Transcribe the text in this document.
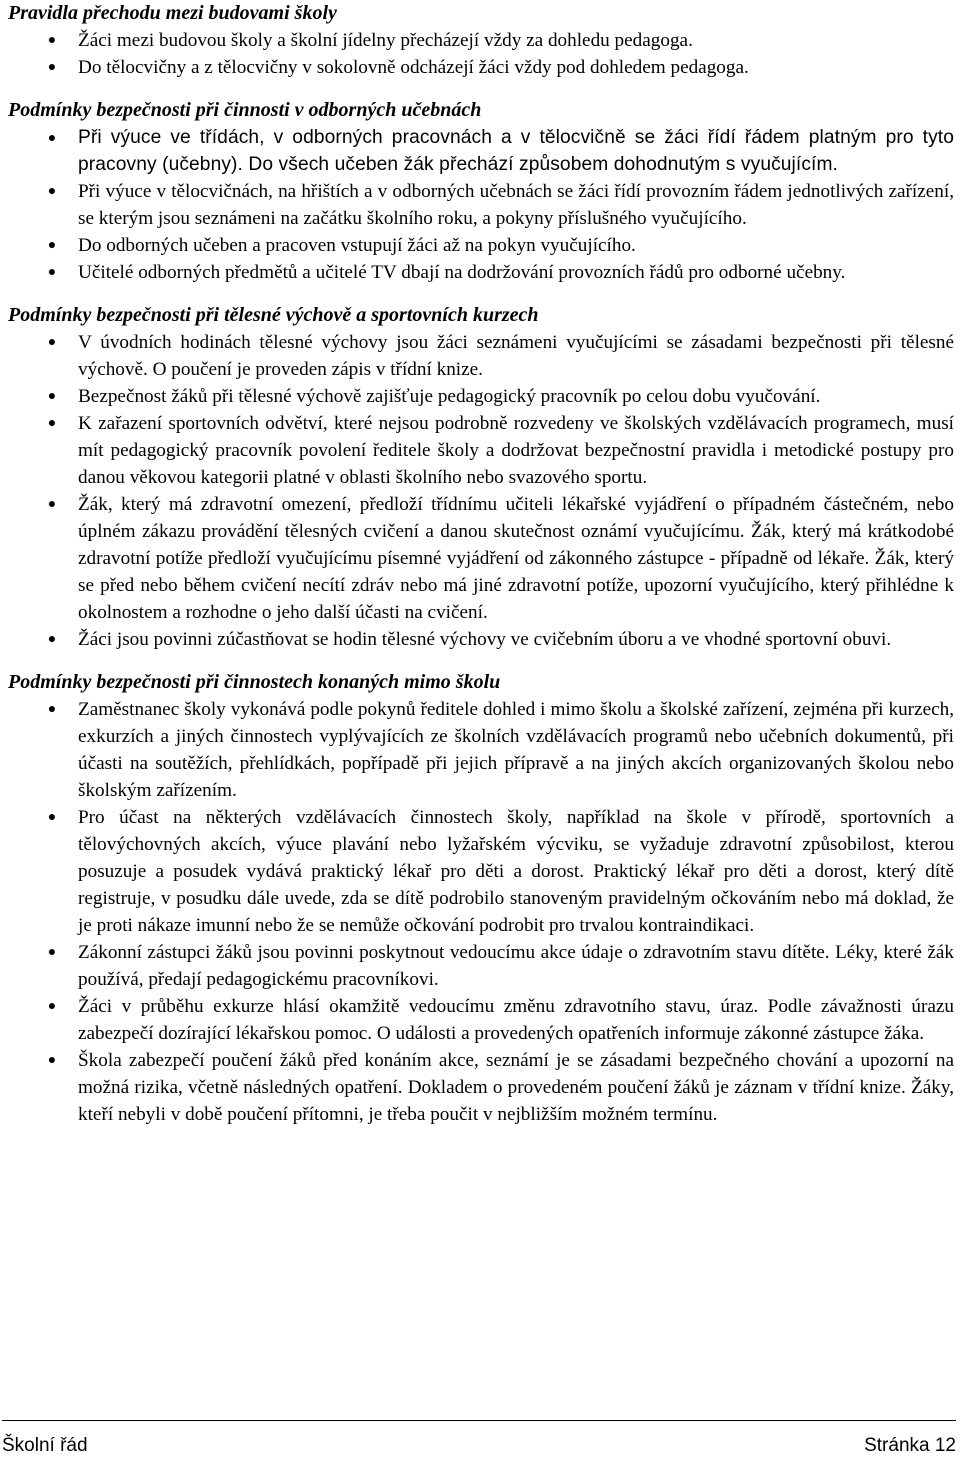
Pravidla přechodu mezi budovami školy
● Žáci mezi budovou školy a školní jídelny přecházejí vždy za dohledu pedagoga.
● Do tělocvičny a z tělocvičny v sokolovně odcházejí žáci vždy pod dohledem pedagoga.
Podmínky bezpečnosti při činnosti v odborných učebnách
● Při výuce ve třídách, v odborných pracovnách a v tělocvičně se žáci řídí řádem platným pro tyto pracovny (učebny). Do všech učeben žák přechází způsobem dohodnutým s vyučujícím.
● Při výuce v tělocvičnách, na hřištích a v odborných učebnách se žáci řídí provozním řádem jednotlivých zařízení, se kterým jsou seznámeni na začátku školního roku, a pokyny příslušného vyučujícího.
● Do odborných učeben a pracoven vstupují žáci až na pokyn vyučujícího.
● Učitelé odborných předmětů a učitelé TV dbají na dodržování provozních řádů pro odborné učebny.
Podmínky bezpečnosti při tělesné výchově a sportovních kurzech
● V úvodních hodinách tělesné výchovy jsou žáci seznámeni vyučujícími se zásadami bezpečnosti při tělesné výchově. O poučení je proveden zápis v třídní knize.
● Bezpečnost žáků při tělesné výchově zajišťuje pedagogický pracovník po celou dobu vyučování.
● K zařazení sportovních odvětví, které nejsou podrobně rozvedeny ve školských vzdělávacích programech, musí mít pedagogický pracovník povolení ředitele školy a dodržovat bezpečnostní pravidla i metodické postupy pro danou věkovou kategorii platné v oblasti školního nebo svazového sportu.
● Žák, který má zdravotní omezení, předloží třídnímu učiteli lékařské vyjádření o případném částečném, nebo úplném zákazu provádění tělesných cvičení a danou skutečnost oznámí vyučujícímu. Žák, který má krátkodobé zdravotní potíže předloží vyučujícímu písemné vyjádření od zákonného zástupce - případně od lékaře. Žák, který se před nebo během cvičení necítí zdráv nebo má jiné zdravotní potíže, upozorní vyučujícího, který přihlédne k okolnostem a rozhodne o jeho další účasti na cvičení.
● Žáci jsou povinni zúčastňovat se hodin tělesné výchovy ve cvičebním úboru a ve vhodné sportovní obuvi.
Podmínky bezpečnosti při činnostech konaných mimo školu
● Zaměstnanec školy vykonává podle pokynů ředitele dohled i mimo školu a školské zařízení, zejména při kurzech, exkurzích a jiných činnostech vyplývajících ze školních vzdělávacích programů nebo učebních dokumentů, při účasti na soutěžích, přehlídkách, popřípadě při jejich přípravě a na jiných akcích organizovaných školou nebo školským zařízením.
● Pro účast na některých vzdělávacích činnostech školy, například na škole v přírodě, sportovních a tělovýchovných akcích, výuce plavání nebo lyžařském výcviku, se vyžaduje zdravotní způsobilost, kterou posuzuje a posudek vydává praktický lékař pro děti a dorost. Praktický lékař pro děti a dorost, který dítě registruje, v posudku dále uvede, zda se dítě podrobilo stanoveným pravidelným očkováním nebo má doklad, že je proti nákaze imunní nebo že se nemůže očkování podrobit pro trvalou kontraindikaci.
● Zákonní zástupci žáků jsou povinni poskytnout vedoucímu akce údaje o zdravotním stavu dítěte. Léky, které žák používá, předají pedagogickému pracovníkovi.
● Žáci v průběhu exkurze hlásí okamžitě vedoucímu změnu zdravotního stavu, úraz. Podle závažnosti úrazu zabezpečí dozírající lékařskou pomoc. O události a provedených opatřeních informuje zákonné zástupce žáka.
● Škola zabezpečí poučení žáků před konáním akce, seznámí je se zásadami bezpečného chování a upozorní na možná rizika, včetně následných opatření. Dokladem o provedeném poučení žáků je záznam v třídní knize. Žáky, kteří nebyli v době poučení přítomni, je třeba poučit v nejbližším možném termínu.
Školní řád	Stránka 12
